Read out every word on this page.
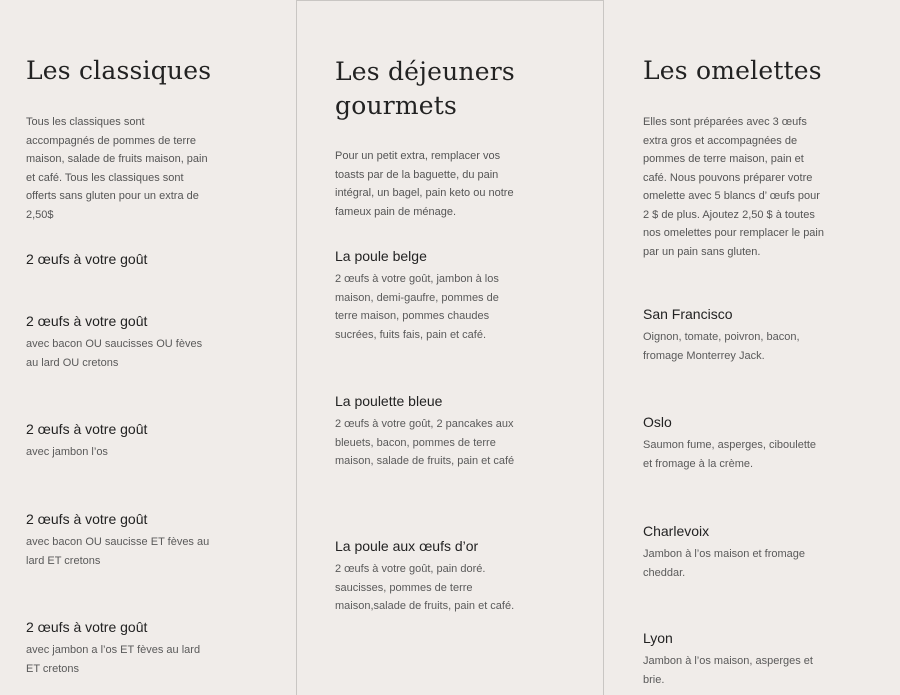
Les classiques

Tous les classiques sont accompagnés de pommes de terre maison, salade de fruits maison, pain et café. Tous les classiques sont offerts sans gluten pour un extra de 2,50$

2 œufs à votre goût

2 œufs à votre goût

avec bacon OU saucisses OU fèves au lard OU cretons

2 œufs à votre goût

avec jambon l’os

2 œufs à votre goût

avec bacon OU saucisse ET fèves au lard ET cretons

2 œufs à votre goût

avec jambon a l’os ET fèves au lard ET cretons

Les déjeuners gourmets

Pour un petit extra, remplacer vos toasts par de la baguette, du pain intégral, un bagel, pain keto ou notre fameux pain de ménage.

La poule belge

2 œufs à votre goût, jambon à los maison, demi-gaufre, pommes de terre maison, pommes chaudes sucrées, fuits fais, pain et café.

La poulette bleue

2 œufs à votre goût, 2 pancakes aux bleuets, bacon, pommes de terre maison, salade de fruits, pain et café

La poule aux œufs d’or

2 œufs à votre goût, pain doré. saucisses, pommes de terre maison,salade de fruits, pain et café.

Les omelettes

Elles sont préparées avec 3 œufs extra gros et accompagnées de pommes de terre maison, pain et café. Nous pouvons préparer votre omelette avec 5 blancs d’ œufs pour 2 $ de plus. Ajoutez 2,50 $ à toutes nos omelettes pour remplacer le pain par un pain sans gluten.

San Francisco

Oignon, tomate, poivron, bacon, fromage Monterrey Jack.

Oslo

Saumon fume, asperges, ciboulette et fromage à la crème.

Charlevoix

Jambon à l’os maison et fromage cheddar.

Lyon

Jambon à l’os maison, asperges et brie.
